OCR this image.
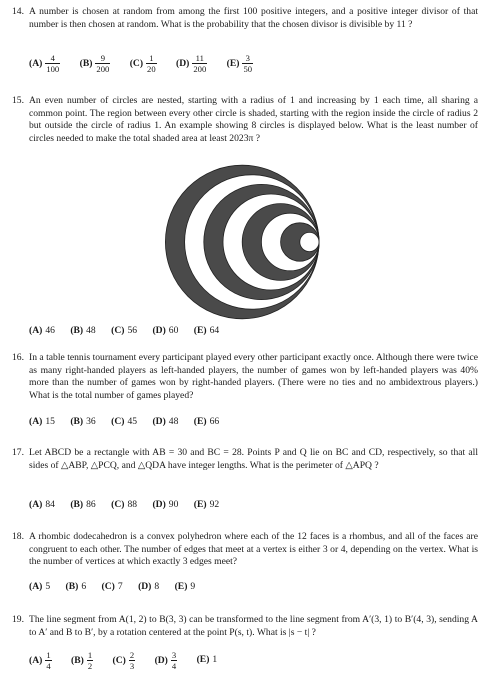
14. A number is chosen at random from among the first 100 positive integers, and a positive integer divisor of that number is then chosen at random. What is the probability that the chosen divisor is divisible by 11 ?
$(A) \frac{4}{100} (B) \frac{9}{200} (C) \frac{1}{20} (D) \frac{11}{200} (E) \frac{3}{50}$
15. An even number of circles are nested, starting with a radius of 1 and increasing by 1 each time, all sharing a common point. The region between every other circle is shaded, starting with the region inside the circle of radius 2 but outside the circle of radius 1. An example showing 8 circles is displayed below. What is the least number of circles needed to make the total shaded area at least 2023π ?
(A) 46 (B) 48 (C) 56 (D) 60 (E) 64
16. In a table tennis tournament every participant played every other participant exactly once. Although there were twice as many right-handed players as left-handed players, the number of games won by left-handed players was 40% more than the number of games won by right-handed players. (There were no ties and no ambidextrous players.) What is the total number of games played?
(A) 15 (B) 36 (C) 45 (D) 48 (E) 66
17. Let ABCD be a rectangle with AB = 30 and BC = 28. Points P and Q lie on BC and CD, respectively, so that all sides of △ABP, △PCQ, and △QDA have integer lengths. What is the perimeter of △APQ ?
(A) 84 (B) 86 (C) 88 (D) 90 (E) 92
18. A rhombic dodecahedron is a convex polyhedron where each of the 12 faces is a rhombus, and all of the faces are congruent to each other. The number of edges that meet at a vertex is either 3 or 4, depending on the vertex. What is the number of vertices at which exactly 3 edges meet?
(A) 5 (B) 6 (C) 7 (D) 8 (E) 9
19. The line segment from A(1, 2) to B(3, 3) can be transformed to the line segment from A′(3, 1) to B′(4, 3), sending A to A′ and B to B′, by a rotation centered at the point P(s, t). What is |s − t| ?
$(A) \frac{1}{4} (B) \frac{1}{2} (C) \frac{2}{3} (D) \frac{3}{4} (E)$ 1
